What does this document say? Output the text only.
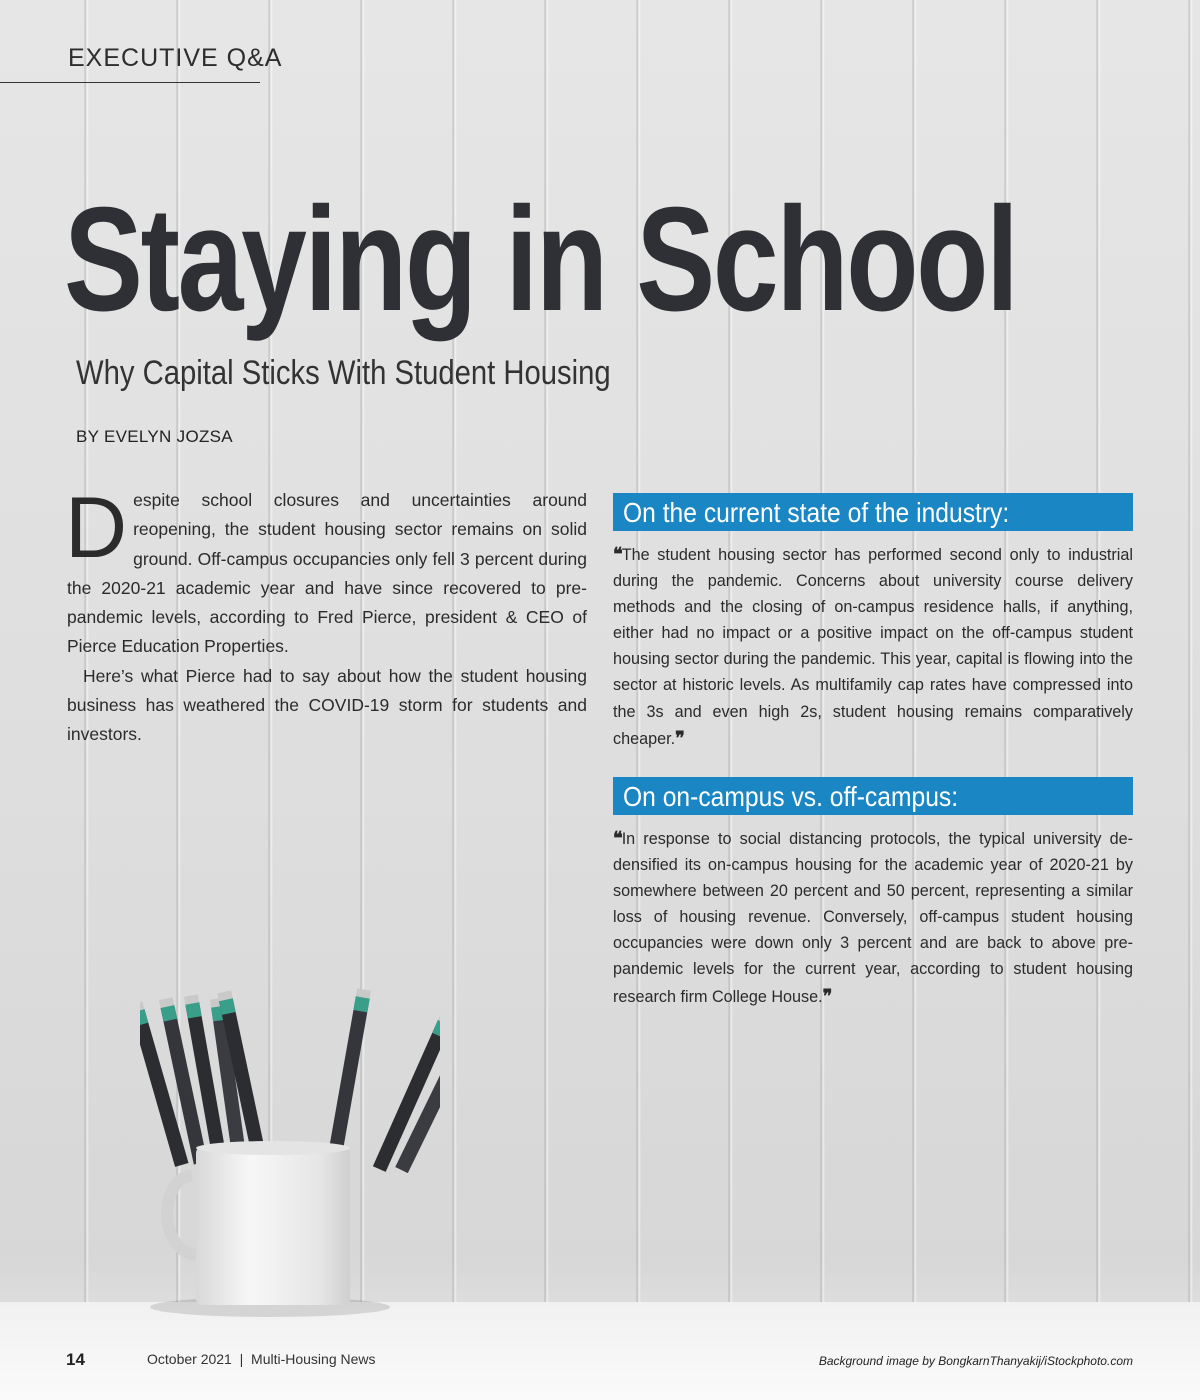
EXECUTIVE Q&A
Staying in School
Why Capital Sticks With Student Housing
BY EVELYN JOZSA

Despite school closures and uncertainties around reopening, the student housing sector remains on solid ground. Off-campus occupancies only fell 3 percent during the 2020-21 academic year and have since recovered to pre-pandemic levels, according to Fred Pierce, president & CEO of Pierce Education Properties.

Here’s what Pierce had to say about how the student housing business has weathered the COVID-19 storm for students and investors.

On the current state of the industry:
❝The student housing sector has performed second only to industrial during the pandemic. Concerns about university course delivery methods and the closing of on-campus residence halls, if anything, either had no impact or a positive impact on the off-campus student housing sector during the pandemic. This year, capital is flowing into the sector at historic levels. As multifamily cap rates have compressed into the 3s and even high 2s, student housing remains comparatively cheaper.❞
On on-campus vs. off-campus:
❝In response to social distancing protocols, the typical university de-densified its on-campus housing for the academic year of 2020-21 by somewhere between 20 percent and 50 percent, representing a similar loss of housing revenue. Conversely, off-campus student housing occupancies were down only 3 percent and are back to above pre-pandemic levels for the current year, according to student housing research firm College House.❞
14	October 2021  |  Multi-Housing News	Background image by BongkarnThanyakij/iStockphoto.com
